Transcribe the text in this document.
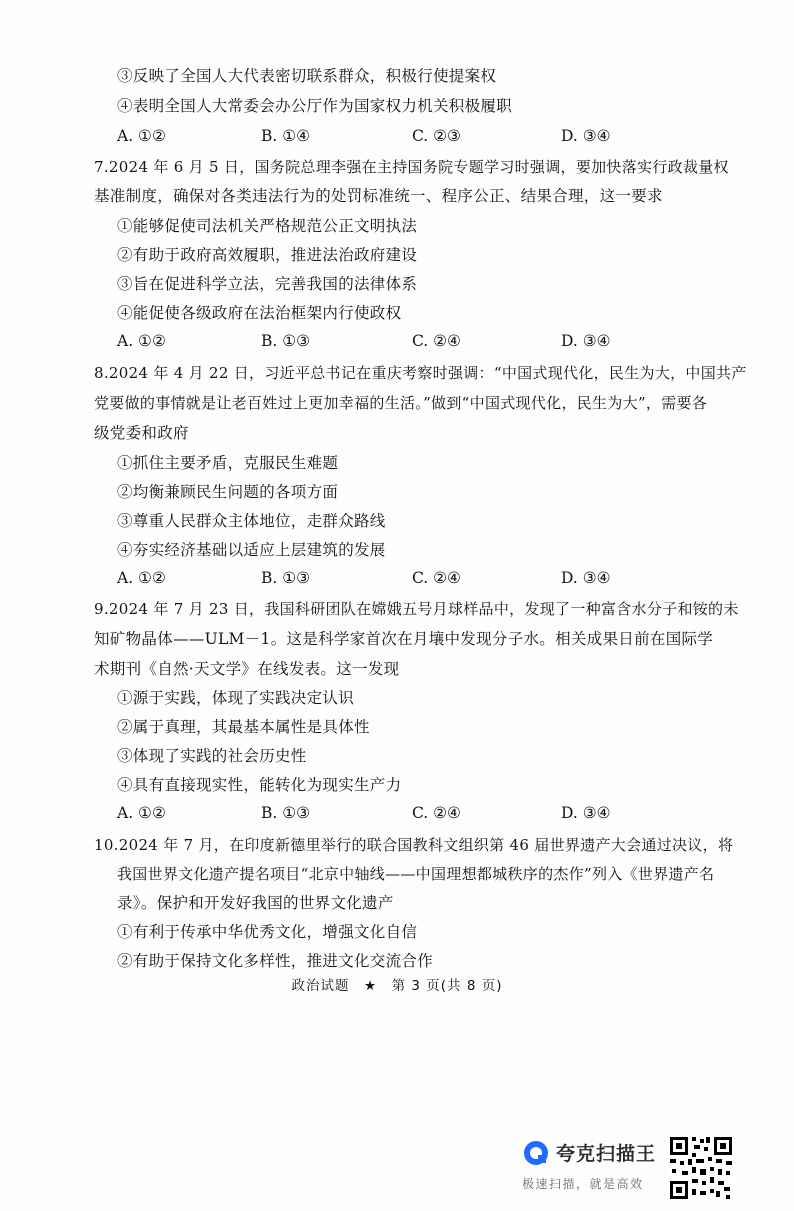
③反映了全国人大代表密切联系群众，积极行使提案权
④表明全国人大常委会办公厅作为国家权力机关积极履职
A. ①②	B. ①④	C. ②③	D. ③④
7.2024 年 6 月 5 日，国务院总理李强在主持国务院专题学习时强调，要加快落实行政裁量权
基准制度，确保对各类违法行为的处罚标准统一、程序公正、结果合理，这一要求
①能够促使司法机关严格规范公正文明执法
②有助于政府高效履职，推进法治政府建设
③旨在促进科学立法，完善我国的法律体系
④能促使各级政府在法治框架内行使政权
A. ①②	B. ①③	C. ②④	D. ③④
8.2024 年 4 月 22 日，习近平总书记在重庆考察时强调：“中国式现代化，民生为大，中国共产
党要做的事情就是让老百姓过上更加幸福的生活。”做到“中国式现代化，民生为大”，需要各
级党委和政府
①抓住主要矛盾，克服民生难题
②均衡兼顾民生问题的各项方面
③尊重人民群众主体地位，走群众路线
④夯实经济基础以适应上层建筑的发展
A. ①②	B. ①③	C. ②④	D. ③④
9.2024 年 7 月 23 日，我国科研团队在嫦娥五号月球样品中，发现了一种富含水分子和铵的未
知矿物晶体——ULM－1。这是科学家首次在月壤中发现分子水。相关成果日前在国际学
术期刊《自然·天文学》在线发表。这一发现
①源于实践，体现了实践决定认识
②属于真理，其最基本属性是具体性
③体现了实践的社会历史性
④具有直接现实性，能转化为现实生产力
A. ①②	B. ①③	C. ②④	D. ③④
10.2024 年 7 月，在印度新德里举行的联合国教科文组织第 46 届世界遗产大会通过决议，将
我国世界文化遗产提名项目“北京中轴线——中国理想都城秩序的杰作”列入《世界遗产名
录》。保护和开发好我国的世界文化遗产
①有利于传承中华优秀文化，增强文化自信
②有助于保持文化多样性，推进文化交流合作
政治试题　★　第 3 页(共 8 页)
夸克扫描王
极速扫描，就是高效
